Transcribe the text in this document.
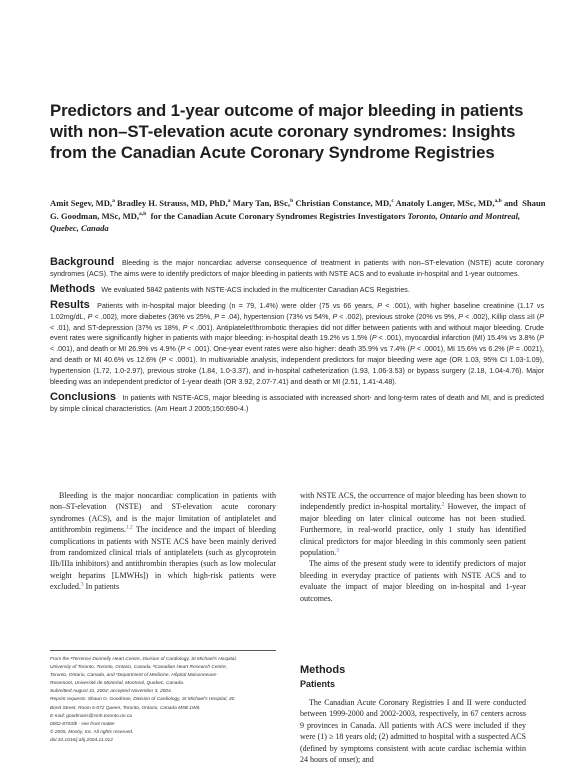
Predictors and 1-year outcome of major bleeding in patients with non–ST-elevation acute coronary syndromes: Insights from the Canadian Acute Coronary Syndrome Registries

Amit Segev, MD,$^a$ Bradley H. Strauss, MD, PhD,$^a$ Mary Tan, BSc,$^b$ Christian Constance, MD,$^c$ Anatoly Langer, MSc, MD,$^{a,b}$ and Shaun G. Goodman, MSc, MD,$^{a,b}$ for the Canadian Acute Coronary Syndromes Registries Investigators Toronto, Ontario and Montreal, Quebec, Canada

Background Bleeding is the major noncardiac adverse consequence of treatment in patients with non–ST-elevation (NSTE) acute coronary syndromes (ACS). The aims were to identify predictors of major bleeding in patients with NSTE ACS and to evaluate in-hospital and 1-year outcomes.

Methods We evaluated 5842 patients with NSTE-ACS included in the multicenter Canadian ACS Registries.

Results Patients with in-hospital major bleeding (n = 79, 1.4%) were older (75 vs 66 years, P < .001), with higher baseline creatinine (1.17 vs 1.02mg/dL, P < .002), more diabetes (36% vs 25%, P = .04), hypertension (73% vs 54%, P < .002), previous stroke (20% vs 9%, P < .002), Killip class ≥II (P < .01), and ST-depression (37% vs 18%, P < .001). Antiplatelet/thrombotic therapies did not differ between patients with and without major bleeding. Crude event rates were significantly higher in patients with major bleeding: in-hospital death 19.2% vs 1.5% (P < .001), myocardial infarction (MI) 15.4% vs 3.8% (P < .001), and death or MI 26.9% vs 4.9% (P < .001). One-year event rates were also higher: death 35.9% vs 7.4% (P < .0001), MI 15.6% vs 6.2% (P = .0021), and death or MI 40.6% vs 12.6% (P < .0001). In multivariable analysis, independent predictors for major bleeding were age (OR 1.03, 95% CI 1.03-1.09), hypertension (1.72, 1.0-2.97), previous stroke (1.84, 1.0-3.37), and in-hospital catheterization (1.93, 1.06-3.53) or bypass surgery (2.18, 1.04-4.76). Major bleeding was an independent predictor of 1-year death (OR 3.92, 2.07-7.41) and death or MI (2.51, 1.41-4.48).

Conclusions In patients with NSTE-ACS, major bleeding is associated with increased short- and long-term rates of death and MI, and is predicted by simple clinical characteristics. (Am Heart J 2005;150:690-4.)

Bleeding is the major noncardiac complication in patients with non–ST-elevation (NSTE) and ST-elevation acute coronary syndromes (ACS), and is the major limitation of antiplatelet and antithrombin regimens.$^{1,2}$ The incidence and the impact of bleeding complications in patients with NSTE ACS have been mainly derived from randomized clinical trials of antiplatelets (such as glycoprotein IIb/IIIa inhibitors) and antithrombin therapies (such as low molecular weight heparins [LMWHs]) in which high-risk patients were excluded.$^3$ In patients

with NSTE ACS, the occurrence of major bleeding has been shown to independently predict in-hospital mortality.$^2$ However, the impact of major bleeding on later clinical outcome has not been studied. Furthermore, in real-world practice, only 1 study has identified clinical predictors for major bleeding in this commonly seen patient population.$^3$

The aims of the present study were to identify predictors of major bleeding in everyday practice of patients with NSTE ACS and to evaluate the impact of major bleeding on in-hospital and 1-year outcomes.

From the ᵃTerrence Donnelly Heart Centre, Division of Cardiology, St Michael's Hospital,
University of Toronto, Toronto, Ontario, Canada, ᵇCanadian Heart Research Centre,
Toronto, Ontario, Canada, and ᶜDepartment of Medicine, Hôpital Maisonneuve-
Rosemont, Université de Montréal, Montreal, Quebec, Canada.
Submitted August 31, 2004; accepted November 3, 2004.
Reprint requests: Shaun G. Goodman, Division of Cardiology, St Michael's Hospital, 30
Bond Street, Room 6-072 Queen, Toronto, Ontario, Canada M5B 1W8.
E-mail: goodmans@smh.toronto.on.ca
0002-8703/$ - see front matter
© 2005, Mosby, Inc. All rights reserved.
doi:10.1016/j.ahj.2004.11.012
Methods
Patients

The Canadian Acute Coronary Registries I and II were conducted between 1999-2000 and 2002-2003, respectively, in 67 centers across 9 provinces in Canada. All patients with ACS were included if they were (1) ≥ 18 years old; (2) admitted to hospital with a suspected ACS (defined by symptoms consistent with acute cardiac ischemia within 24 hours of onset); and
